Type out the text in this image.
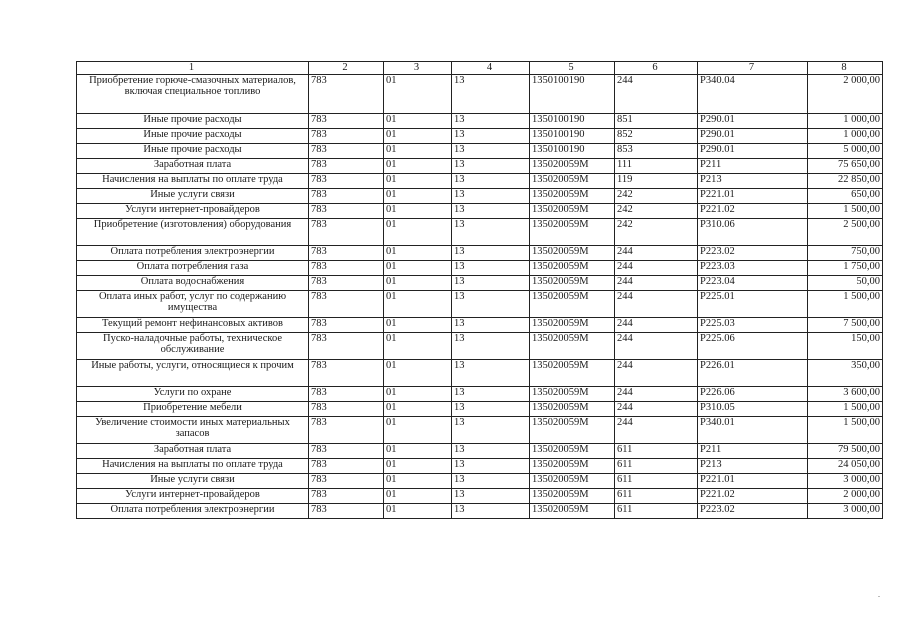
1	2	3	4	5	6	7	8
Приобретение горюче-смазочных материалов, включая специальное топливо	783	01	13	1350100190	244	Р340.04	2 000,00
Иные прочие расходы	783	01	13	1350100190	851	Р290.01	1 000,00
Иные прочие расходы	783	01	13	1350100190	852	Р290.01	1 000,00
Иные прочие расходы	783	01	13	1350100190	853	Р290.01	5 000,00
Заработная плата	783	01	13	135020059М	111	Р211	75 650,00
Начисления на выплаты по оплате труда	783	01	13	135020059М	119	Р213	22 850,00
Иные услуги связи	783	01	13	135020059М	242	Р221.01	650,00
Услуги интернет-провайдеров	783	01	13	135020059М	242	Р221.02	1 500,00
Приобретение (изготовления) оборудования	783	01	13	135020059М	242	Р310.06	2 500,00
Оплата потребления электроэнергии	783	01	13	135020059М	244	Р223.02	750,00
Оплата потребления газа	783	01	13	135020059М	244	Р223.03	1 750,00
Оплата водоснабжения	783	01	13	135020059М	244	Р223.04	50,00
Оплата иных работ, услуг по содержанию имущества	783	01	13	135020059М	244	Р225.01	1 500,00
Текущий ремонт нефинансовых активов	783	01	13	135020059М	244	Р225.03	7 500,00
Пуско-наладочные работы, техническое обслуживание	783	01	13	135020059М	244	Р225.06	150,00
Иные работы, услуги, относящиеся к прочим	783	01	13	135020059М	244	Р226.01	350,00
Услуги по охране	783	01	13	135020059М	244	Р226.06	3 600,00
Приобретение мебели	783	01	13	135020059М	244	Р310.05	1 500,00
Увеличение стоимости иных материальных запасов	783	01	13	135020059М	244	Р340.01	1 500,00
Заработная плата	783	01	13	135020059М	611	Р211	79 500,00
Начисления на выплаты по оплате труда	783	01	13	135020059М	611	Р213	24 050,00
Иные услуги связи	783	01	13	135020059М	611	Р221.01	3 000,00
Услуги интернет-провайдеров	783	01	13	135020059М	611	Р221.02	2 000,00
Оплата потребления электроэнергии	783	01	13	135020059М	611	Р223.02	3 000,00
